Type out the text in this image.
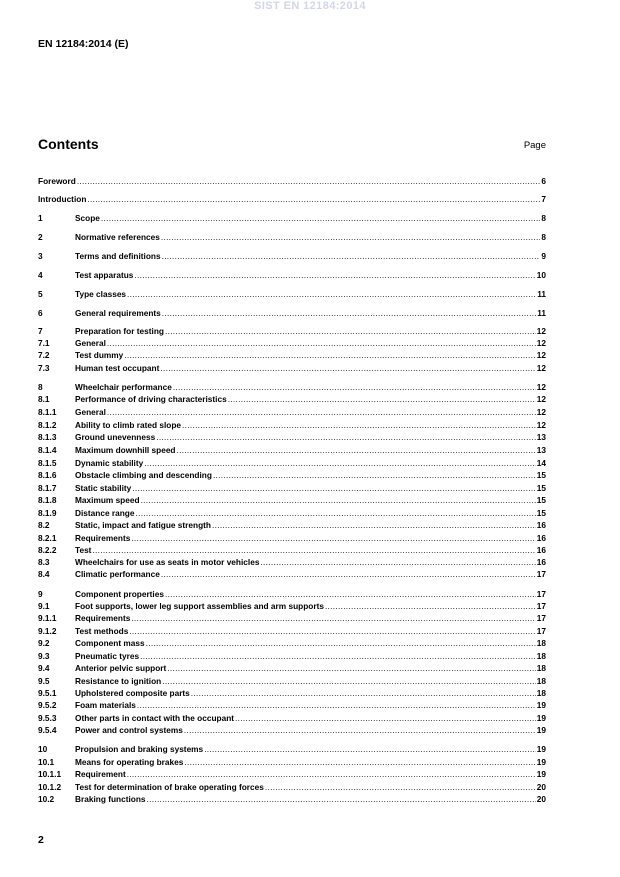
SIST EN 12184:2014
EN 12184:2014 (E)
Contents	Page
Foreword .....	6
Introduction .....	7
1	Scope .....	8
2	Normative references .....	8
3	Terms and definitions .....	9
4	Test apparatus .....	10
5	Type classes .....	11
6	General requirements .....	11
7	Preparation for testing .....	12
7.1	General .....	12
7.2	Test dummy .....	12
7.3	Human test occupant .....	12
8	Wheelchair performance .....	12
8.1	Performance of driving characteristics .....	12
8.1.1	General .....	12
8.1.2	Ability to climb rated slope .....	12
8.1.3	Ground unevenness .....	13
8.1.4	Maximum downhill speed .....	13
8.1.5	Dynamic stability .....	14
8.1.6	Obstacle climbing and descending .....	15
8.1.7	Static stability .....	15
8.1.8	Maximum speed .....	15
8.1.9	Distance range .....	15
8.2	Static, impact and fatigue strength .....	16
8.2.1	Requirements .....	16
8.2.2	Test .....	16
8.3	Wheelchairs for use as seats in motor vehicles .....	16
8.4	Climatic performance .....	17
9	Component properties .....	17
9.1	Foot supports, lower leg support assemblies and arm supports .....	17
9.1.1	Requirements .....	17
9.1.2	Test methods .....	17
9.2	Component mass .....	18
9.3	Pneumatic tyres .....	18
9.4	Anterior pelvic support .....	18
9.5	Resistance to ignition .....	18
9.5.1	Upholstered composite parts .....	18
9.5.2	Foam materials .....	19
9.5.3	Other parts in contact with the occupant .....	19
9.5.4	Power and control systems .....	19
10	Propulsion and braking systems .....	19
10.1	Means for operating brakes .....	19
10.1.1	Requirement .....	19
10.1.2	Test for determination of brake operating forces .....	20
10.2	Braking functions .....	20
2
